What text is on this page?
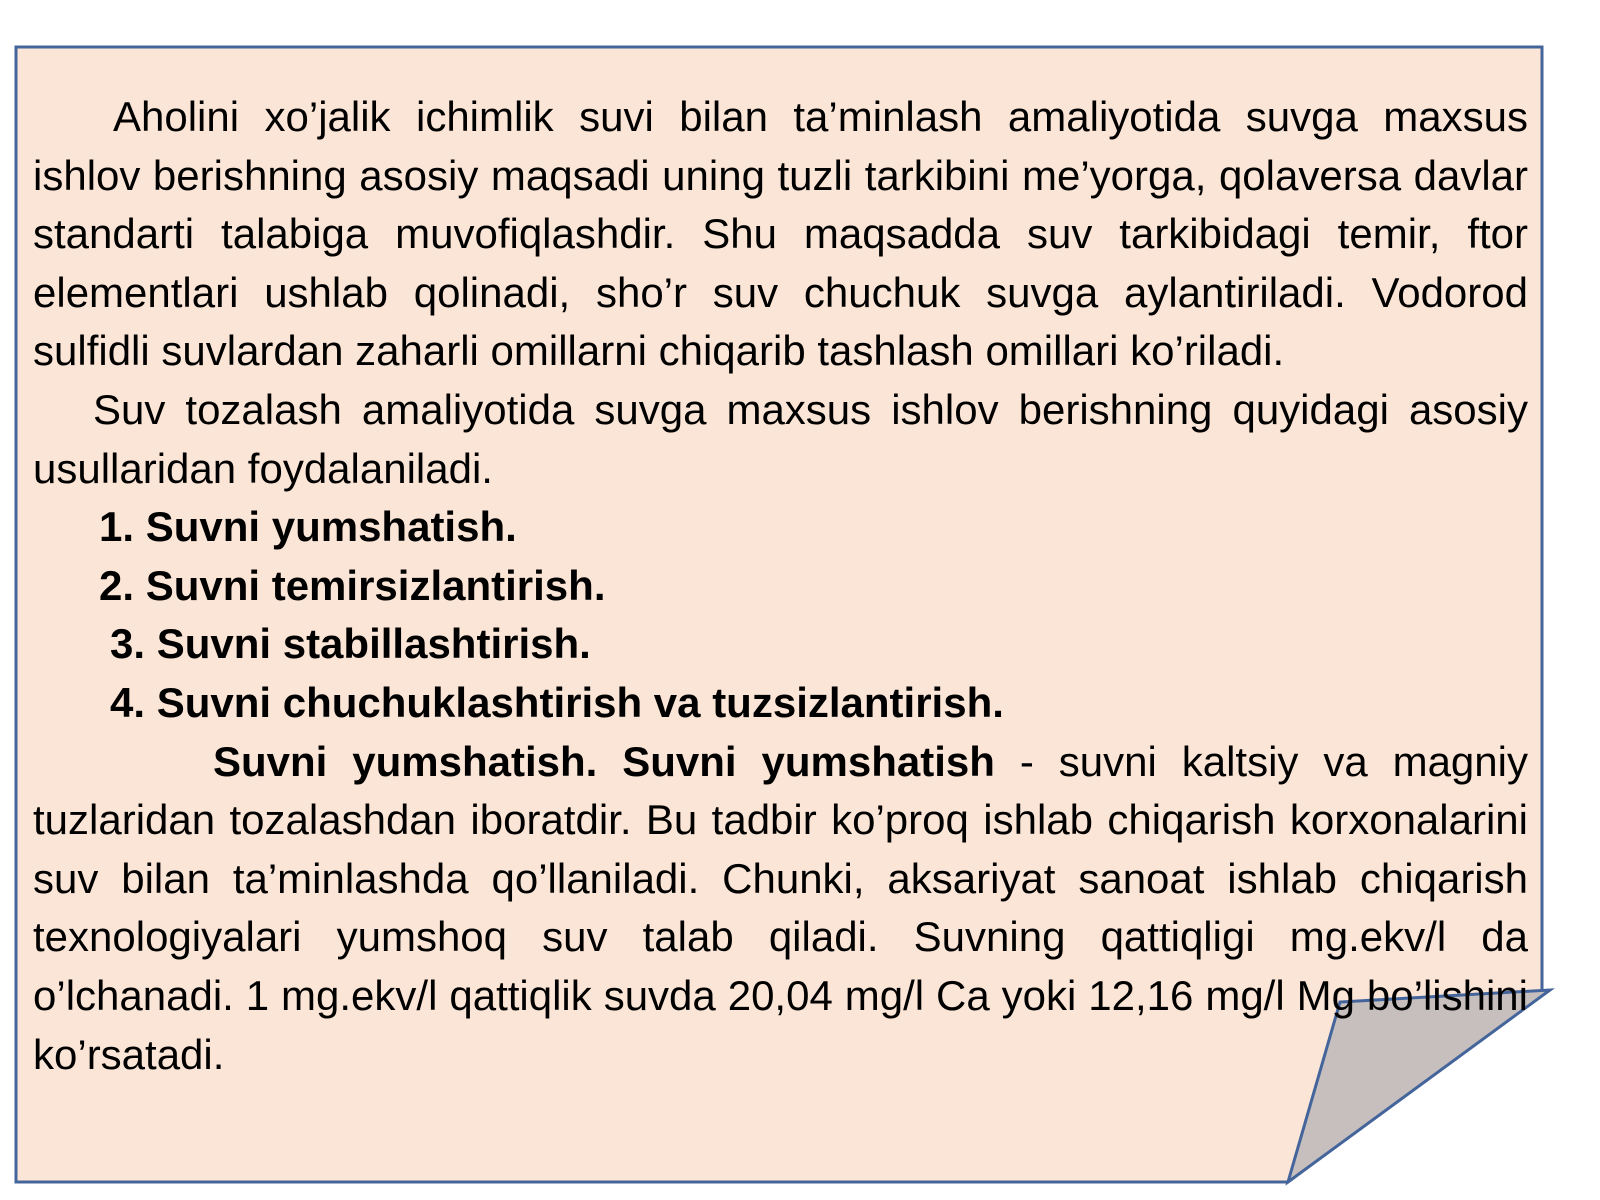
Aholini xo’jalik ichimlik suvi bilan ta’minlash amaliyotida suvga maxsus ishlov berishning asosiy maqsadi uning tuzli tarkibini me’yorga, qolaversa davlar standarti talabiga muvofiqlashdir. Shu maqsadda suv tarkibidagi temir, ftor elementlari ushlab qolinadi, sho’r suv chuchuk suvga aylantiriladi. Vodorod sulfidli suvlardan zaharli omillarni chiqarib tashlash omillari ko’riladi.

Suv tozalash amaliyotida suvga maxsus ishlov berishning quyidagi asosiy usullaridan foydalaniladi.

1. Suvni yumshatish.

2. Suvni temirsizlantirish.

3. Suvni stabillashtirish.

4. Suvni chuchuklashtirish va tuzsizlantirish.

Suvni yumshatish. Suvni yumshatish - suvni kaltsiy va magniy tuzlaridan tozalashdan iboratdir. Bu tadbir ko’proq ishlab chiqarish korxonalarini suv bilan ta’minlashda qo’llaniladi. Chunki, aksariyat sanoat ishlab chiqarish texnologiyalari yumshoq suv talab qiladi. Suvning qattiqligi mg.ekv/l da o’lchanadi. 1 mg.ekv/l qattiqlik suvda 20,04 mg/l Ca yoki 12,16 mg/l Mg bo’lishini ko’rsatadi.
